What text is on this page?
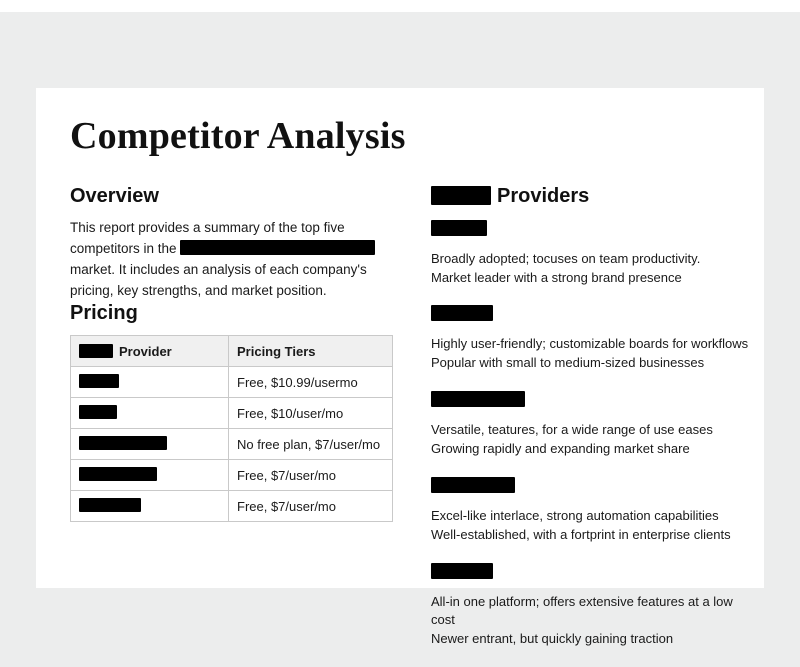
Competitor Analysis
Overview

This report provides a summary of the top five competitors in the  market. It includes an analysis of each company's pricing, key strengths, and market position.

Pricing
Provider	Pricing Tiers
	Free, $10.99/usermo
	Free, $10/user/mo
	No free plan, $7/user/mo
	Free, $7/user/mo
	Free, $7/user/mo
Providers
Broadly adopted; tocuses on team productivity.
Market leader with a strong brand presence
Highly user-friendly; customizable boards for workflows
Popular with small to medium-sized businesses
Versatile, teatures, for a wide range of use eases
Growing rapidly and expanding market share
Excel-like interlace, strong automation capabilities
Well-established, with a fortprint in enterprise clients
All-in one platform; offers extensive features at a low cost
Newer entrant, but quickly gaining traction
